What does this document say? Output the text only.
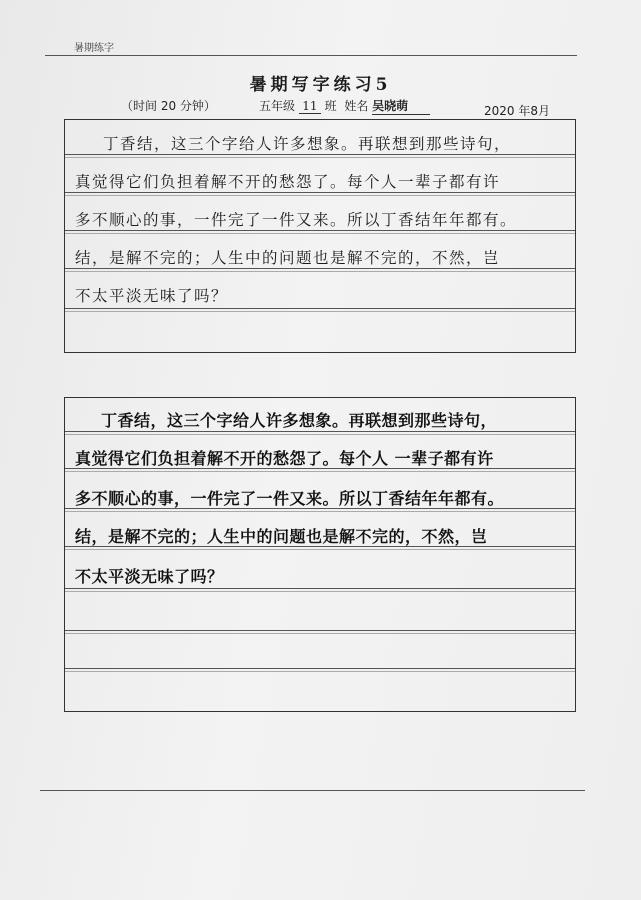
暑期练字
暑期写字练习5
（时间 20 分钟）	五年级 11 班 姓名 吴晓萌	2020 年8月
丁香结，这三个字给人许多想象。再联想到那些诗句，
真觉得它们负担着解不开的愁怨了。每个人一辈子都有许
多不顺心的事，一件完了一件又来。所以丁香结年年都有。
结，是解不完的；人生中的问题也是解不完的，不然，岂
不太平淡无味了吗？
丁香结，这三个字给人许多想象。再联想到那些诗句，
真觉得它们负担着解不开的愁怨了。每个人 一辈子都有许
多不顺心的事，一件完了一件又来。所以丁香结年年都有。
结，是解不完的；人生中的问题也是解不完的，不然，岂
不太平淡无味了吗？
